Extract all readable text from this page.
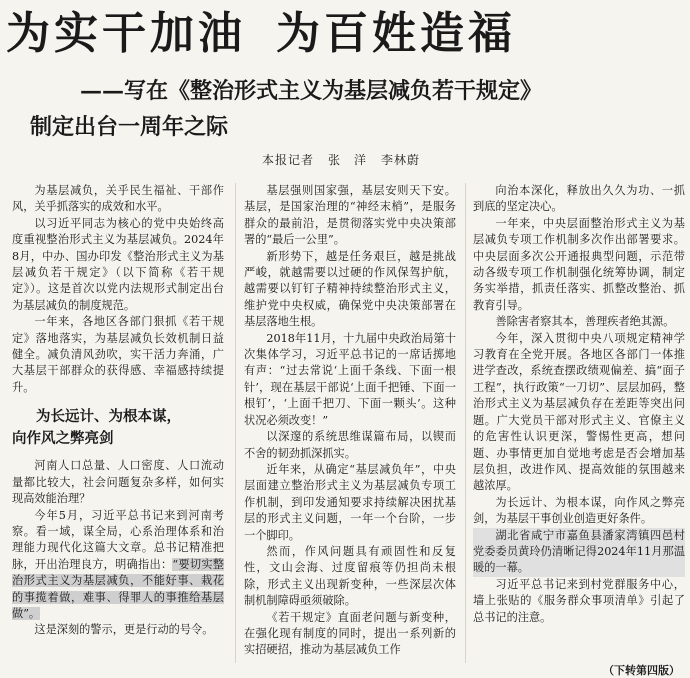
为实干加油 为百姓造福
——写在《整治形式主义为基层减负若干规定》
制定出台一周年之际
本报记者 张　洋 李林蔚

为基层减负，关乎民生福祉、干部作风，关乎抓落实的成效和水平。

以习近平同志为核心的党中央始终高度重视整治形式主义为基层减负。2024年8月，中办、国办印发《整治形式主义为基层减负若干规定》（以下简称《若干规定》）。这是首次以党内法规形式制定出台为基层减负的制度规范。

一年来，各地区各部门狠抓《若干规定》落地落实，为基层减负长效机制日益健全。减负清风劲吹，实干活力奔涌，广大基层干部群众的获得感、幸福感持续提升。

为长远计、为根本谋，
向作风之弊亮剑

河南人口总量、人口密度、人口流动量都比较大，社会问题复杂多样，如何实现高效能治理？

今年5月，习近平总书记来到河南考察。看一域，谋全局，心系治理体系和治理能力现代化这篇大文章。总书记精准把脉，开出治理良方，明确指出：“要切实整治形式主义为基层减负，不能好事、栽花的事揽着做，难事、得罪人的事推给基层做”。

这是深刻的警示，更是行动的号令。

基层强则国家强，基层安则天下安。基层，是国家治理的“神经末梢”，是服务群众的最前沿，是贯彻落实党中央决策部署的“最后一公里”。

新形势下，越是任务艰巨，越是挑战严峻，就越需要以过硬的作风保驾护航，越需要以钉钉子精神持续整治形式主义，维护党中央权威，确保党中央决策部署在基层落地生根。

2018年11月，十九届中央政治局第十次集体学习，习近平总书记的一席话掷地有声：“过去常说‘上面千条线、下面一根针’，现在基层干部说‘上面千把锤、下面一根钉’，‘上面千把刀、下面一颗头’。这种状况必须改变！”

以深邃的系统思维谋篇布局，以锲而不舍的韧劲抓深抓实。

近年来，从确定“基层减负年”，中央层面建立整治形式主义为基层减负专项工作机制，到印发通知要求持续解决困扰基层的形式主义问题，一年一个台阶，一步一个脚印。

然而，作风问题具有顽固性和反复性，文山会海、过度留痕等仍担尚未根除，形式主义出现新变种，一些深层次体制机制障碍亟须破除。

《若干规定》直面老问题与新变种，在强化现有制度的同时，提出一系列新的实招硬招，推动为基层减负工作

向治本深化，释放出久久为功、一抓到底的坚定决心。

一年来，中央层面整治形式主义为基层减负专项工作机制多次作出部署要求。中央层面多次公开通报典型问题，示范带动各级专项工作机制强化统筹协调，制定务实举措，抓责任落实、抓整改整治、抓教育引导。

善除害者察其本，善理疾者绝其源。

今年，深入贯彻中央八项规定精神学习教育在全党开展。各地区各部门一体推进学查改，系统查摆政绩观偏差、搞“面子工程”，执行政策“一刀切”、层层加码，整治形式主义为基层减负存在差距等突出问题。广大党员干部对形式主义、官僚主义的危害性认识更深，警惕性更高，想问题、办事情更加自觉地考虑是否会增加基层负担，改进作风、提高效能的氛围越来越浓厚。

为长远计、为根本谋，向作风之弊亮剑，为基层干事创业创造更好条件。

湖北省咸宁市嘉鱼县潘家湾镇四邑村党委委员黄玲仍清晰记得2024年11月那温暖的一幕。

习近平总书记来到村党群服务中心，墙上张贴的《服务群众事项清单》引起了总书记的注意。

（下转第四版）
